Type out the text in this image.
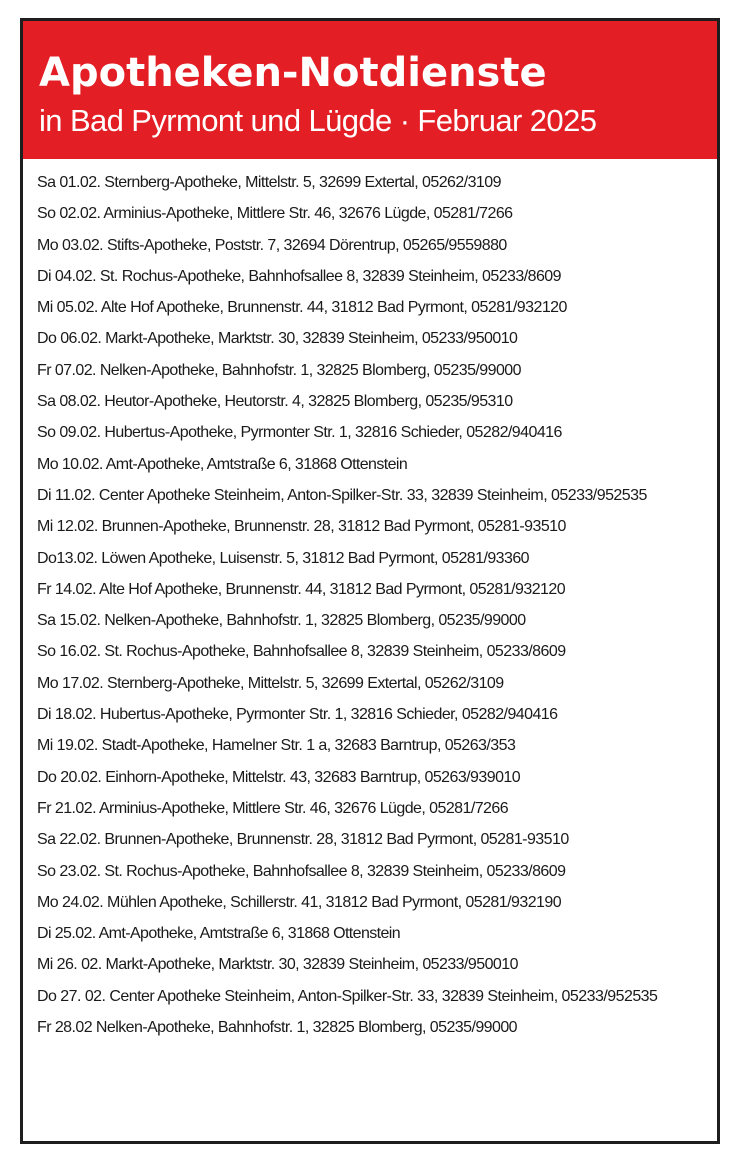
Apotheken-Notdienste
in Bad Pyrmont und Lügde · Februar 2025
Sa 01.02. Sternberg-Apotheke, Mittelstr. 5, 32699 Extertal, 05262/3109
So 02.02. Arminius-Apotheke, Mittlere Str. 46, 32676 Lügde, 05281/7266
Mo 03.02. Stifts-Apotheke, Poststr. 7, 32694 Dörentrup, 05265/9559880
Di 04.02. St. Rochus-Apotheke, Bahnhofsallee 8, 32839 Steinheim, 05233/8609
Mi 05.02. Alte Hof Apotheke, Brunnenstr. 44, 31812 Bad Pyrmont, 05281/932120
Do 06.02. Markt-Apotheke, Marktstr. 30, 32839 Steinheim, 05233/950010
Fr 07.02. Nelken-Apotheke, Bahnhofstr. 1, 32825 Blomberg, 05235/99000
Sa 08.02. Heutor-Apotheke, Heutorstr. 4, 32825 Blomberg, 05235/95310
So 09.02. Hubertus-Apotheke, Pyrmonter Str. 1, 32816 Schieder, 05282/940416
Mo 10.02. Amt-Apotheke, Amtstraße 6, 31868 Ottenstein
Di 11.02. Center Apotheke Steinheim, Anton-Spilker-Str. 33, 32839 Steinheim, 05233/952535
Mi 12.02. Brunnen-Apotheke, Brunnenstr. 28, 31812 Bad Pyrmont, 05281-93510
Do13.02. Löwen Apotheke, Luisenstr. 5, 31812 Bad Pyrmont, 05281/93360
Fr 14.02. Alte Hof Apotheke, Brunnenstr. 44, 31812 Bad Pyrmont, 05281/932120
Sa 15.02. Nelken-Apotheke, Bahnhofstr. 1, 32825 Blomberg, 05235/99000
So 16.02. St. Rochus-Apotheke, Bahnhofsallee 8, 32839 Steinheim, 05233/8609
Mo 17.02. Sternberg-Apotheke, Mittelstr. 5, 32699 Extertal, 05262/3109
Di 18.02. Hubertus-Apotheke, Pyrmonter Str. 1, 32816 Schieder, 05282/940416
Mi 19.02. Stadt-Apotheke, Hamelner Str. 1 a, 32683 Barntrup, 05263/353
Do 20.02. Einhorn-Apotheke, Mittelstr. 43, 32683 Barntrup, 05263/939010
Fr 21.02. Arminius-Apotheke, Mittlere Str. 46, 32676 Lügde, 05281/7266
Sa 22.02. Brunnen-Apotheke, Brunnenstr. 28, 31812 Bad Pyrmont, 05281-93510
So 23.02. St. Rochus-Apotheke, Bahnhofsallee 8, 32839 Steinheim, 05233/8609
Mo 24.02. Mühlen Apotheke, Schillerstr. 41, 31812 Bad Pyrmont, 05281/932190
Di 25.02. Amt-Apotheke, Amtstraße 6, 31868 Ottenstein
Mi 26. 02. Markt-Apotheke, Marktstr. 30, 32839 Steinheim, 05233/950010
Do 27. 02. Center Apotheke Steinheim, Anton-Spilker-Str. 33, 32839 Steinheim, 05233/952535
Fr 28.02 Nelken-Apotheke, Bahnhofstr. 1, 32825 Blomberg, 05235/99000
